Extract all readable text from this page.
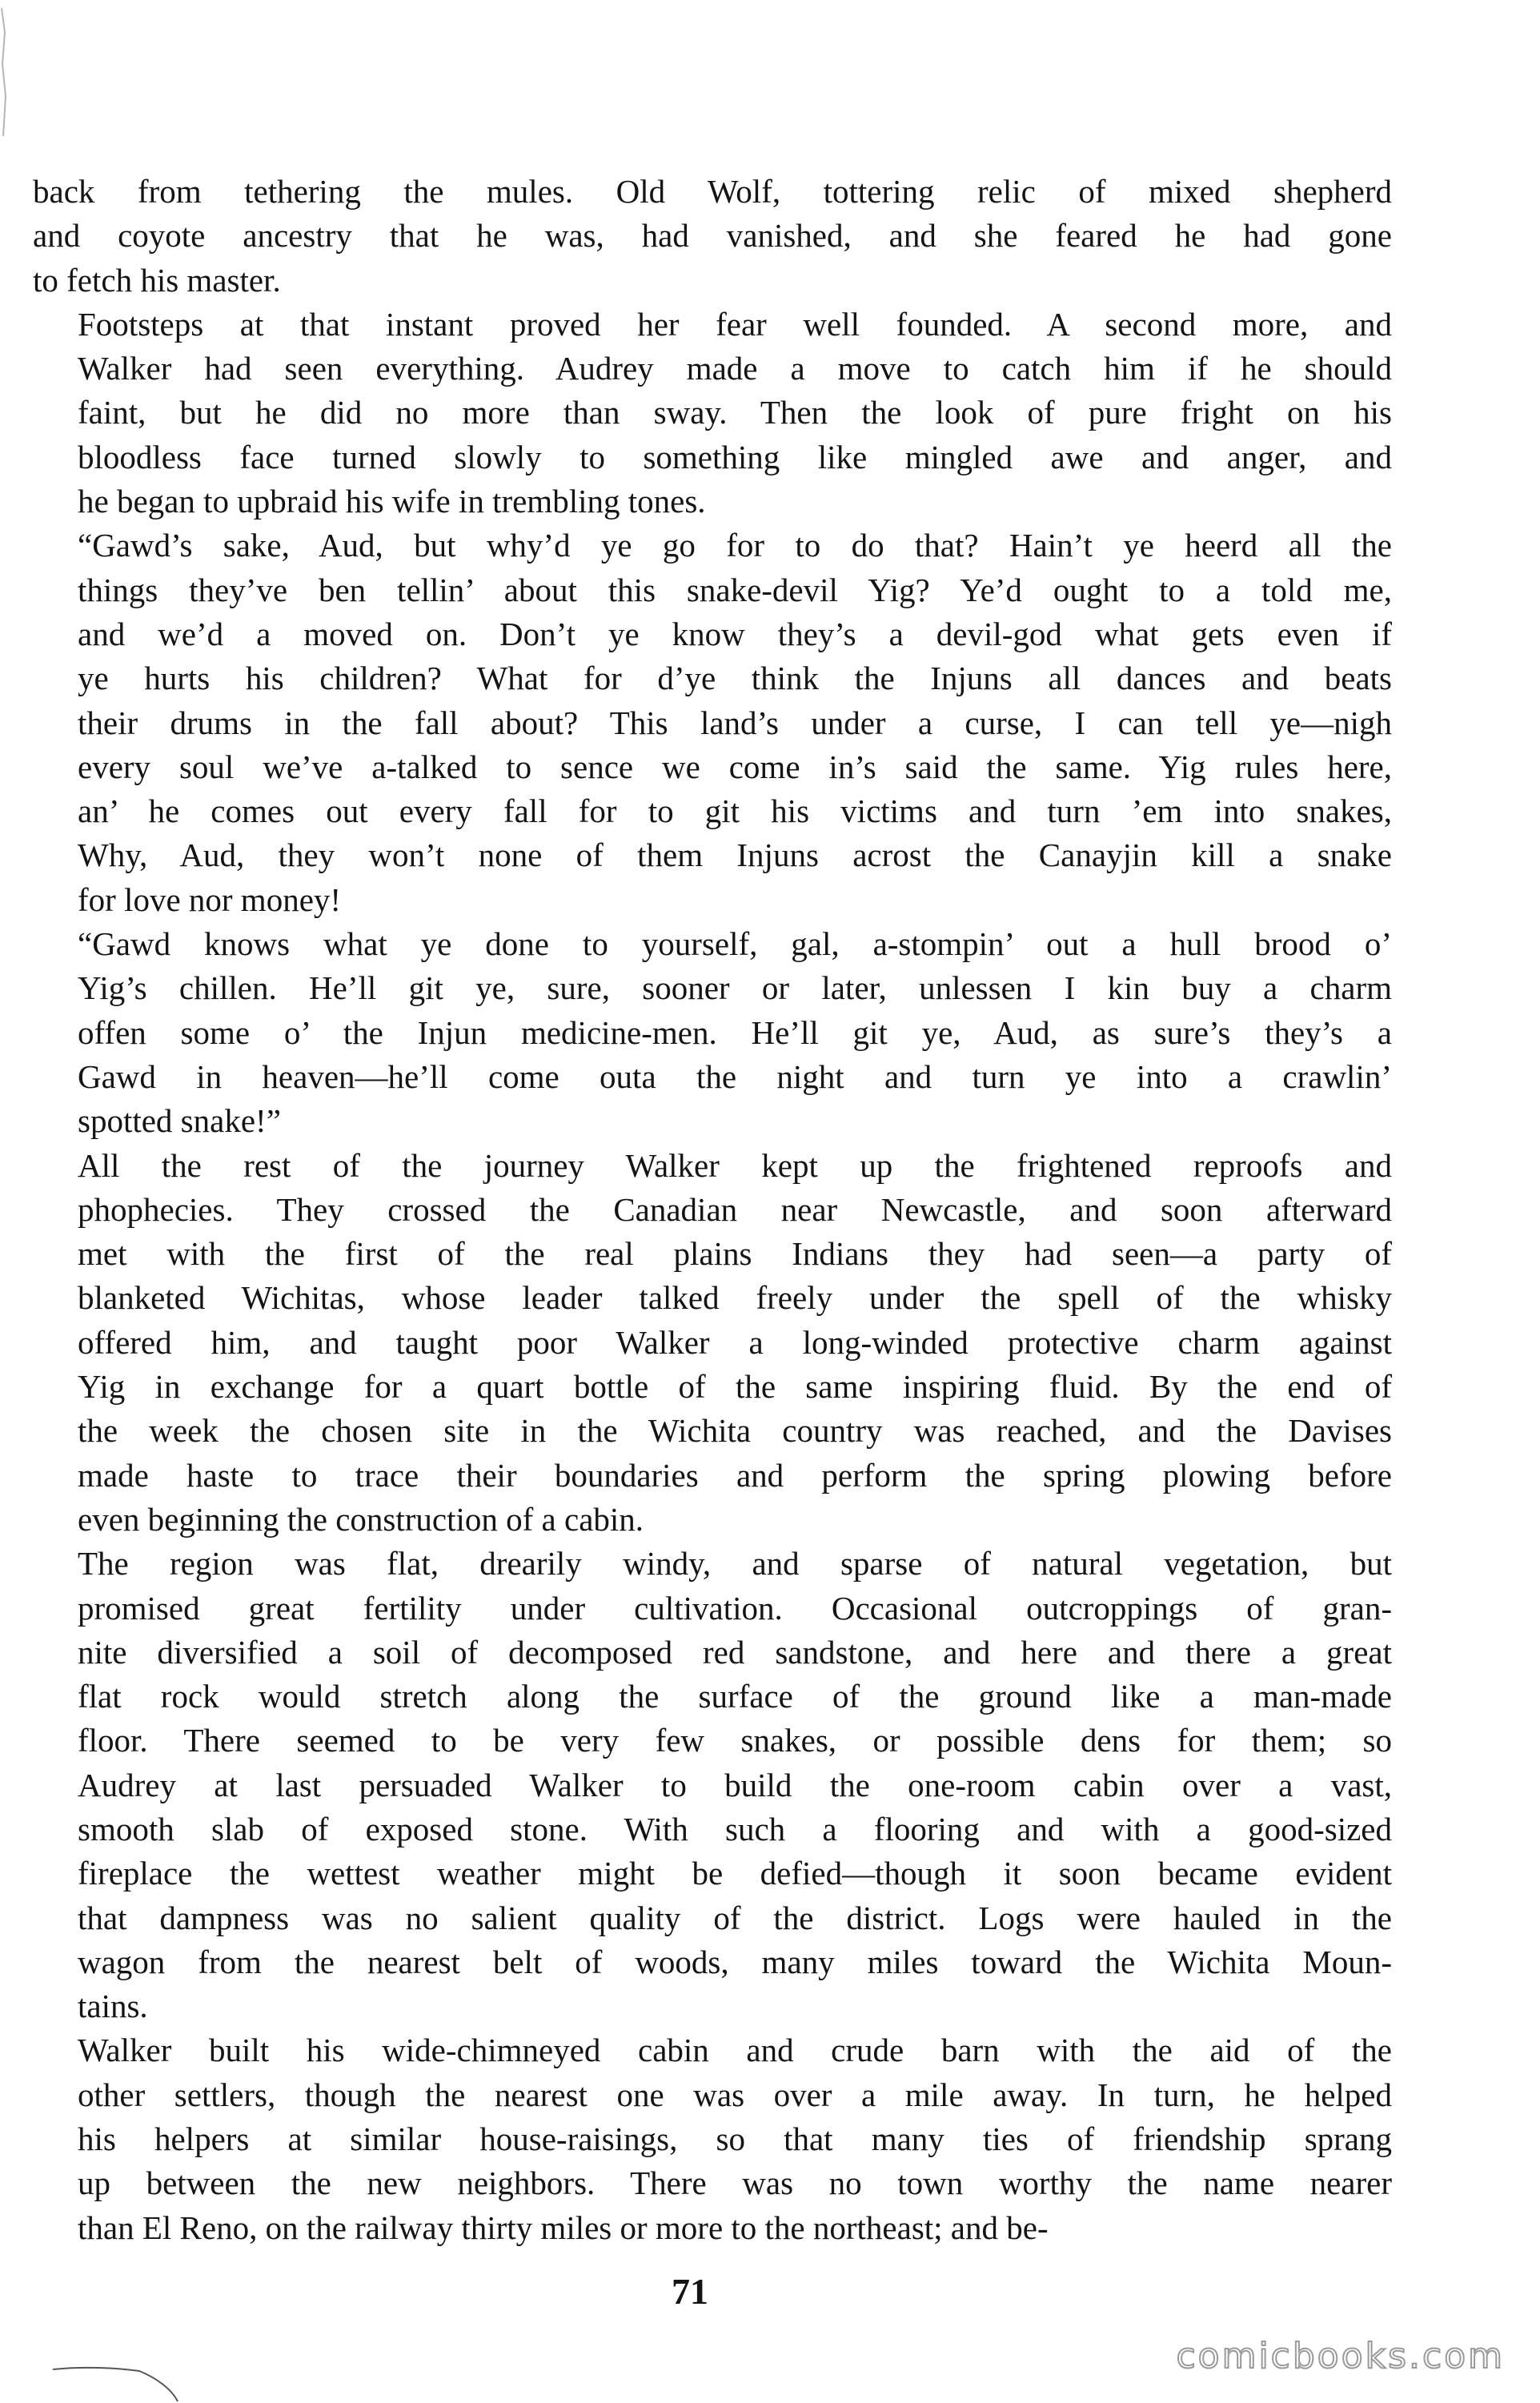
back from tethering the mules. Old Wolf, tottering relic of mixed shepherd
and coyote ancestry that he was, had vanished, and she feared he had gone
to fetch his master.

Footsteps at that instant proved her fear well founded. A second more, and
Walker had seen everything. Audrey made a move to catch him if he should
faint, but he did no more than sway. Then the look of pure fright on his
bloodless face turned slowly to something like mingled awe and anger, and
he began to upbraid his wife in trembling tones.

“Gawd’s sake, Aud, but why’d ye go for to do that? Hain’t ye heerd all the
things they’ve ben tellin’ about this snake-devil Yig? Ye’d ought to a told me,
and we’d a moved on. Don’t ye know they’s a devil-god what gets even if
ye hurts his children? What for d’ye think the Injuns all dances and beats
their drums in the fall about? This land’s under a curse, I can tell ye—nigh
every soul we’ve a-talked to sence we come in’s said the same. Yig rules here,
an’ he comes out every fall for to git his victims and turn ’em into snakes,
Why, Aud, they won’t none of them Injuns acrost the Canayjin kill a snake
for love nor money!

“Gawd knows what ye done to yourself, gal, a-stompin’ out a hull brood o’
Yig’s chillen. He’ll git ye, sure, sooner or later, unlessen I kin buy a charm
offen some o’ the Injun medicine-men. He’ll git ye, Aud, as sure’s they’s a
Gawd in heaven—he’ll come outa the night and turn ye into a crawlin’
spotted snake!”

All the rest of the journey Walker kept up the frightened reproofs and
phophecies. They crossed the Canadian near Newcastle, and soon afterward
met with the first of the real plains Indians they had seen—a party of
blanketed Wichitas, whose leader talked freely under the spell of the whisky
offered him, and taught poor Walker a long-winded protective charm against
Yig in exchange for a quart bottle of the same inspiring fluid. By the end of
the week the chosen site in the Wichita country was reached, and the Davises
made haste to trace their boundaries and perform the spring plowing before
even beginning the construction of a cabin.

The region was flat, drearily windy, and sparse of natural vegetation, but
promised great fertility under cultivation. Occasional outcroppings of gran-
nite diversified a soil of decomposed red sandstone, and here and there a great
flat rock would stretch along the surface of the ground like a man-made
floor. There seemed to be very few snakes, or possible dens for them; so
Audrey at last persuaded Walker to build the one-room cabin over a vast,
smooth slab of exposed stone. With such a flooring and with a good-sized
fireplace the wettest weather might be defied—though it soon became evident
that dampness was no salient quality of the district. Logs were hauled in the
wagon from the nearest belt of woods, many miles toward the Wichita Moun-
tains.

Walker built his wide-chimneyed cabin and crude barn with the aid of the
other settlers, though the nearest one was over a mile away. In turn, he helped
his helpers at similar house-raisings, so that many ties of friendship sprang
up between the new neighbors. There was no town worthy the name nearer
than El Reno, on the railway thirty miles or more to the northeast; and be-

71
comicbooks.com
